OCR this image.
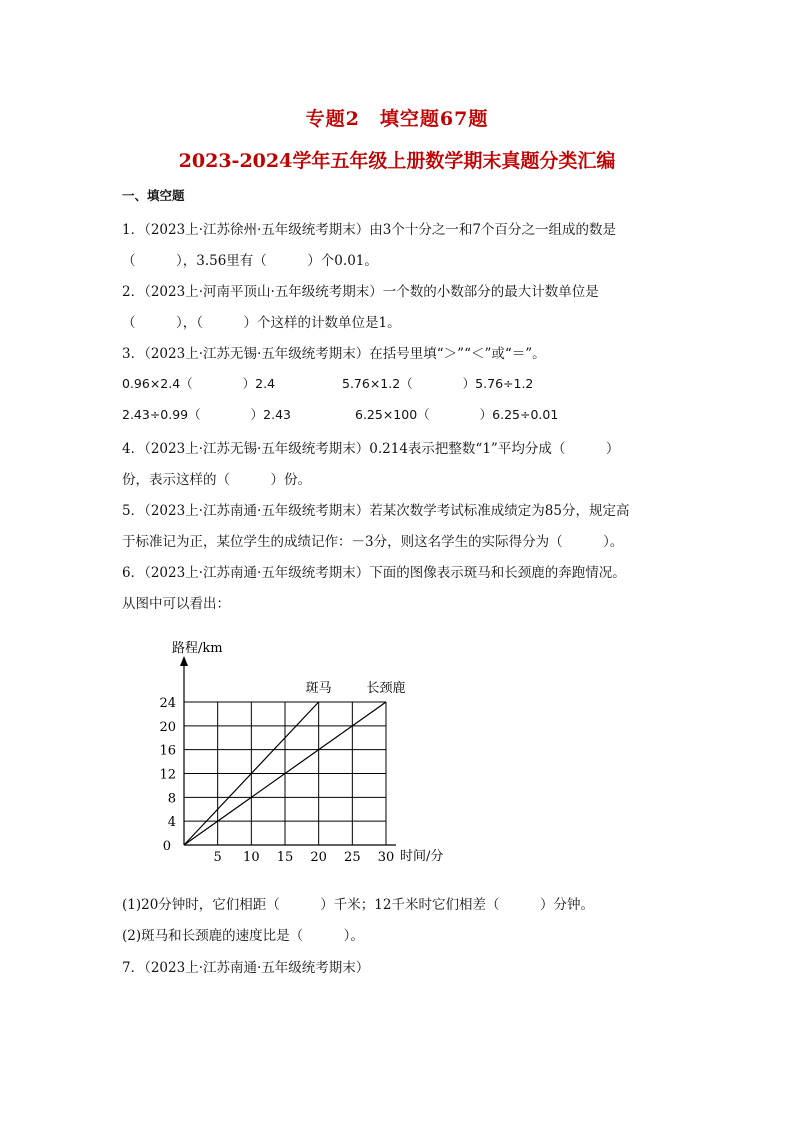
专题2　填空题67题
2023-2024学年五年级上册数学期末真题分类汇编
一、填空题
1．（2023上·江苏徐州·五年级统考期末）由3个十分之一和7个百分之一组成的数是
（　　　），3.56里有（　　　）个0.01。
2．（2023上·河南平顶山·五年级统考期末）一个数的小数部分的最大计数单位是
（　　　），（　　　）个这样的计数单位是1。
3．（2023上·江苏无锡·五年级统考期末）在括号里填“＞”“＜”或“＝”。
0.96×2.4（　　　　）2.4	5.76×1.2（　　　　）5.76÷1.2
2.43÷0.99（　　　　）2.43	6.25×100（　　　　）6.25÷0.01
4．（2023上·江苏无锡·五年级统考期末）0.214表示把整数“1”平均分成（　　　）
份，表示这样的（　　　）份。
5．（2023上·江苏南通·五年级统考期末）若某次数学考试标准成绩定为85分，规定高
于标准记为正，某位学生的成绩记作：－3分，则这名学生的实际得分为（　　　）。
6．（2023上·江苏南通·五年级统考期末）下面的图像表示斑马和长颈鹿的奔跑情况。
从图中可以看出：
5 10 15 20 25 30
4
8
12
16
20
24
0
路程/km
时间/分
斑马	长颈鹿
(1)20分钟时，它们相距（　　　）千米；12千米时它们相差（　　　）分钟。
(2)斑马和长颈鹿的速度比是（　　　）。
7．（2023上·江苏南通·五年级统考期末）
